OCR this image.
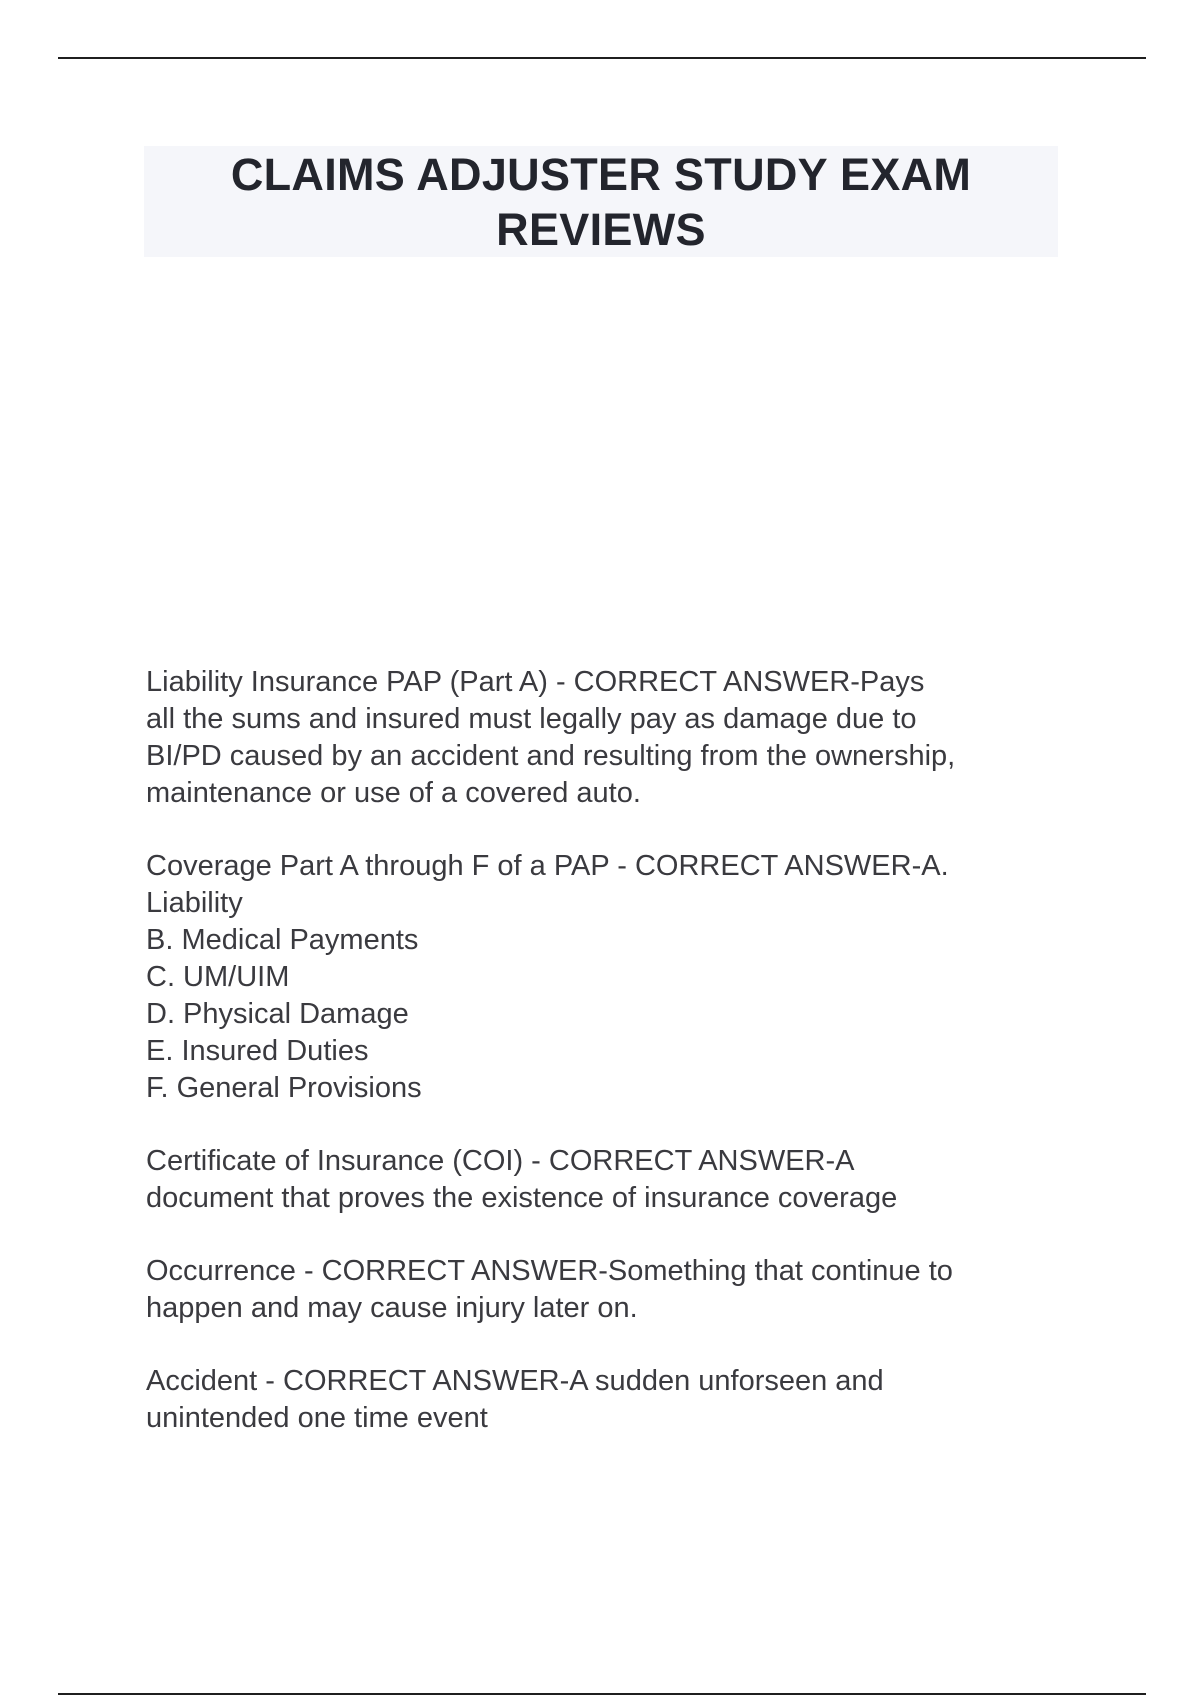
CLAIMS ADJUSTER STUDY EXAM
REVIEWS

Liability Insurance PAP (Part A) - CORRECT ANSWER-Pays
all the sums and insured must legally pay as damage due to
BI/PD caused by an accident and resulting from the ownership,
maintenance or use of a covered auto.

Coverage Part A through F of a PAP - CORRECT ANSWER-A.
Liability
B. Medical Payments
C. UM/UIM
D. Physical Damage
E. Insured Duties
F. General Provisions

Certificate of Insurance (COI) - CORRECT ANSWER-A
document that proves the existence of insurance coverage

Occurrence - CORRECT ANSWER-Something that continue to
happen and may cause injury later on.

Accident - CORRECT ANSWER-A sudden unforseen and
unintended one time event
